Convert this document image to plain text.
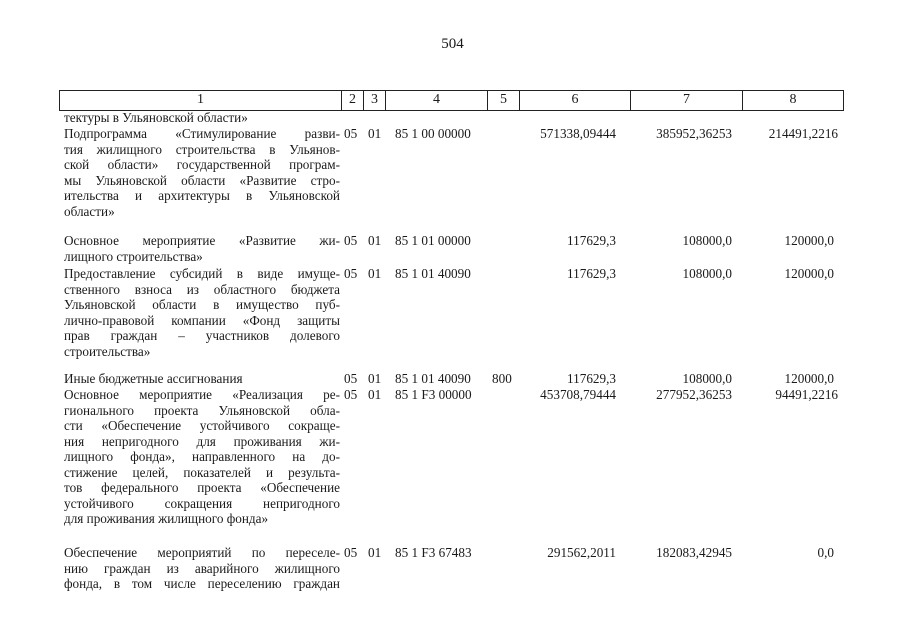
504
1	2	3	4	5	6	7	8
тектуры в Ульяновской области»
Подпрограмма «Стимулирование разви-
тия жилищного строительства в Ульянов-
ской области» государственной програм-
мы Ульяновской области «Развитие стро-
ительства и архитектуры в Ульяновской
области»
05 01 85 1 00 00000	571338,09444	385952,36253	214491,2216
Основное мероприятие «Развитие жи-
лищного строительства»
05 01 85 1 01 00000	117629,3	108000,0	120000,0
Предоставление субсидий в виде имуще-
ственного взноса из областного бюджета
Ульяновской области в имущество пуб-
лично-правовой компании «Фонд защиты
прав граждан – участников долевого
строительства»
05 01 85 1 01 40090	117629,3	108000,0	120000,0
Иные бюджетные ассигнования	05 01 85 1 01 40090 800	117629,3	108000,0	120000,0
Основное мероприятие «Реализация ре-
гионального проекта Ульяновской обла-
сти «Обеспечение устойчивого сокраще-
ния непригодного для проживания жи-
лищного фонда», направленного на до-
стижение целей, показателей и результа-
тов федерального проекта «Обеспечение
устойчивого сокращения непригодного
для проживания жилищного фонда»
05 01 85 1 F3 00000	453708,79444	277952,36253	94491,2216
Обеспечение мероприятий по переселе-
нию граждан из аварийного жилищного
фонда, в том числе переселению граждан
05 01 85 1 F3 67483	291562,2011	182083,42945	0,0
